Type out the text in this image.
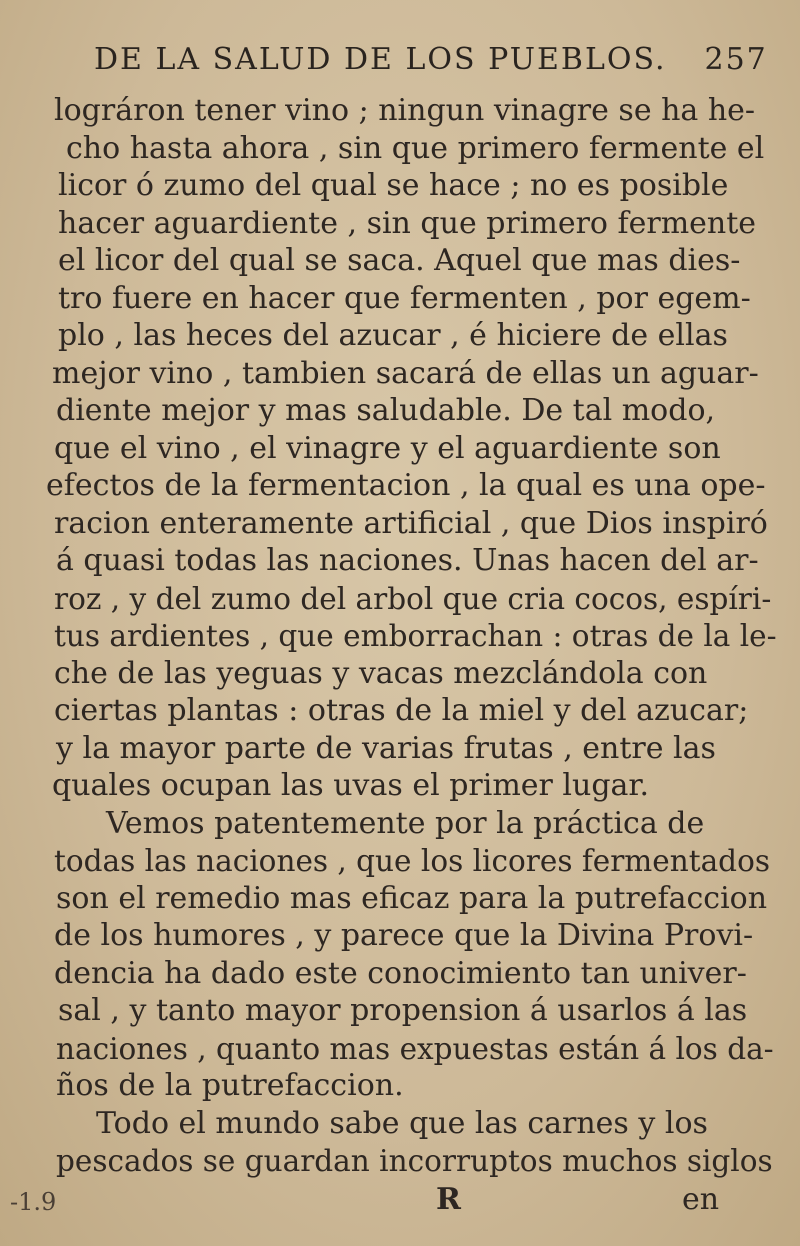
DE LA SALUD DE LOS PUEBLOS. 257
lográron tener vino ; ningun vinagre se ha he-
cho hasta ahora , sin que primero fermente el
licor ó zumo del qual se hace ; no es posible
hacer aguardiente , sin que primero fermente
el licor del qual se saca. Aquel que mas dies-
tro fuere en hacer que fermenten , por egem-
plo , las heces del azucar , é hiciere de ellas
mejor vino , tambien sacará de ellas un aguar-
diente mejor y mas saludable. De tal modo,
que el vino , el vinagre y el aguardiente son
efectos de la fermentacion , la qual es una ope-
racion enteramente artificial , que Dios inspiró
á quasi todas las naciones. Unas hacen del ar-
roz , y del zumo del arbol que cria cocos, espíri-
tus ardientes , que emborrachan : otras de la le-
che de las yeguas y vacas mezclándola con
ciertas plantas : otras de la miel y del azucar;
y la mayor parte de varias frutas , entre las
quales ocupan las uvas el primer lugar.
Vemos patentemente por la práctica de
todas las naciones , que los licores fermentados
son el remedio mas eficaz para la putrefaccion
de los humores , y parece que la Divina Provi-
dencia ha dado este conocimiento tan univer-
sal , y tanto mayor propension á usarlos á las
naciones , quanto mas expuestas están á los da-
ños de la putrefaccion.
Todo el mundo sabe que las carnes y los
pescados se guardan incorruptos muchos siglos
-1.9	R	en
